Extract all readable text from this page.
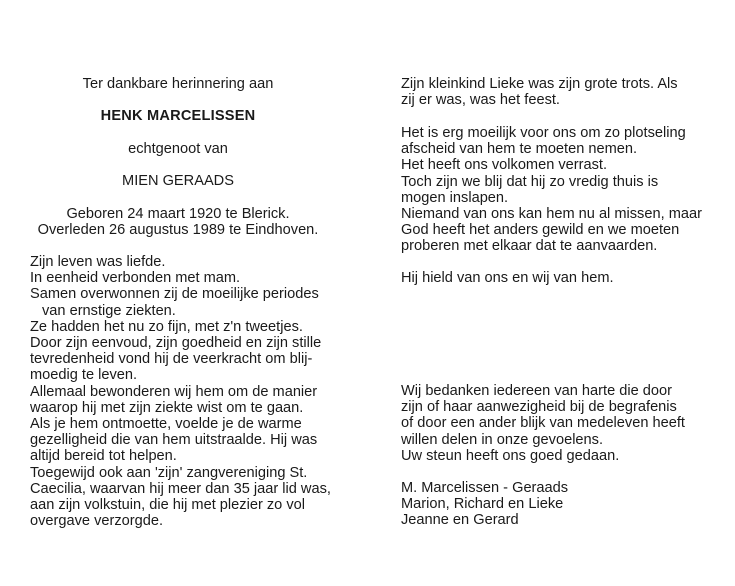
Ter dankbare herinnering aan
HENK MARCELISSEN
echtgenoot van
MIEN GERAADS
Geboren 24 maart 1920 te Blerick.
Overleden 26 augustus 1989 te Eindhoven.
Zijn leven was liefde.
In eenheid verbonden met mam.
Samen overwonnen zij de moeilijke periodes
van ernstige ziekten.
Ze hadden het nu zo fijn, met z'n tweetjes.
Door zijn eenvoud, zijn goedheid en zijn stille
tevredenheid vond hij de veerkracht om blij-
moedig te leven.
Allemaal bewonderen wij hem om de manier
waarop hij met zijn ziekte wist om te gaan.
Als je hem ontmoette, voelde je de warme
gezelligheid die van hem uitstraalde. Hij was
altijd bereid tot helpen.
Toegewijd ook aan 'zijn' zangvereniging St.
Caecilia, waarvan hij meer dan 35 jaar lid was,
aan zijn volkstuin, die hij met plezier zo vol
overgave verzorgde.
Zijn kleinkind Lieke was zijn grote trots. Als
zij er was, was het feest.
Het is erg moeilijk voor ons om zo plotseling
afscheid van hem te moeten nemen.
Het heeft ons volkomen verrast.
Toch zijn we blij dat hij zo vredig thuis is
mogen inslapen.
Niemand van ons kan hem nu al missen, maar
God heeft het anders gewild en we moeten
proberen met elkaar dat te aanvaarden.
Hij hield van ons en wij van hem.
Wij bedanken iedereen van harte die door
zijn of haar aanwezigheid bij de begrafenis
of door een ander blijk van medeleven heeft
willen delen in onze gevoelens.
Uw steun heeft ons goed gedaan.
M. Marcelissen - Geraads
Marion, Richard en Lieke
Jeanne en Gerard
